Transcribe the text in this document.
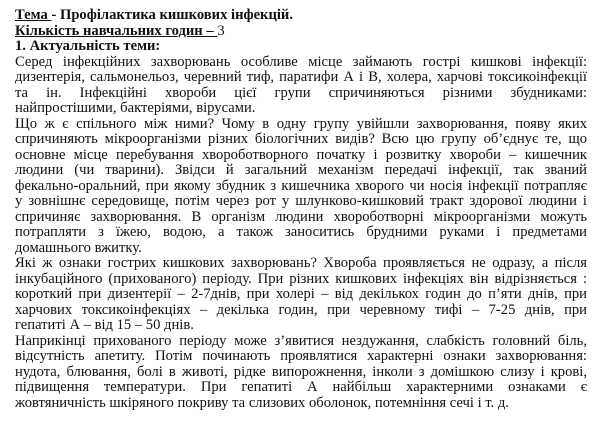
Тема - Профілактика кишкових інфекцій.
Кількість навчальних годин – 3
1. Актуальність теми:
Серед інфекційних захворювань особливе місце займають гострі кишкові інфекції:
дизентерія, сальмонельоз, черевний тиф, паратифи А і В, холера, харчові токсикоінфекції
та ін. Інфекційні хвороби цієї групи спричиняються різними збудниками:
найпростішими, бактеріями, вірусами.
Що ж є спільного між ними? Чому в одну групу увійшли захворювання, появу яких
спричиняють мікроорганізми різних біологічних видів? Всю цю групу об’єднує те, що
основне місце перебування хвороботворного початку і розвитку хвороби – кишечник
людини (чи тварини). Звідси й загальний механізм передачі інфекції, так званий
фекально-оральний, при якому збудник з кишечника хворого чи носія інфекції потрапляє
у зовнішнє середовище, потім через рот у шлунково-кишковий тракт здорової людини і
спричиняє захворювання. В організм людини хвороботворні мікроорганізми можуть
потрапляти з їжею, водою, а також заноситись брудними руками і предметами
домашнього вжитку.
Які ж ознаки гострих кишкових захворювань? Хвороба проявляється не одразу, а після
інкубаційного (прихованого) періоду. При різних кишкових інфекціях він відрізняється :
короткий при дизентерії – 2-7днів, при холері – від декількох годин до п’яти днів, при
харчових токсикоінфекціях – декілька годин, при черевному тифі – 7-25 днів, при
гепатиті А – від 15 – 50 днів.
Наприкінці прихованого періоду може з’явитися нездужання, слабкість головний біль,
відсутність апетиту. Потім починають проявлятися характерні ознаки захворювання:
нудота, блювання, болі в животі, рідке випорожнення, інколи з домішкою слизу і крові,
підвищення температури. При гепатиті А найбільш характерними ознаками є
жовтяничність шкіряного покриву та слизових оболонок, потемніння сечі і т. д.
